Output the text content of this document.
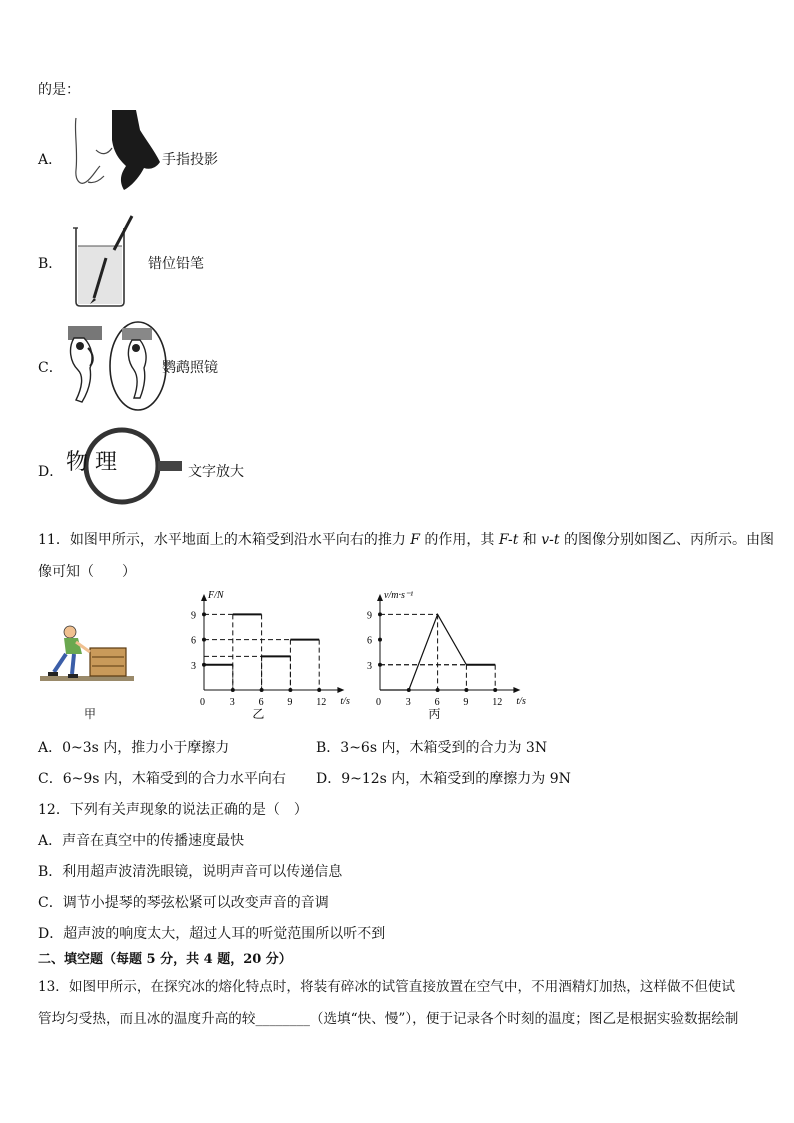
的是：
A．	手指投影
B．	错位铅笔
C．	鹦鹉照镜
D． 物 理	文字放大
11．如图甲所示，水平地面上的木箱受到沿水平向右的推力 F 的作用，其 F-t 和 v-t 的图像分别如图乙、丙所示。由图
像可知（　　）
甲
F/N
t/s
0 3 6 9 12
3
6
9
乙
v/m·s⁻¹
t/s
0 3 6 9 12
3
6
9
丙
A．0~3s 内，推力小于摩擦力	B．3~6s 内，木箱受到的合力为 3N
C．6~9s 内，木箱受到的合力水平向右 D．9~12s 内，木箱受到的摩擦力为 9N
12．下列有关声现象的说法正确的是（　）
A．声音在真空中的传播速度最快
B．利用超声波清洗眼镜，说明声音可以传递信息
C．调节小提琴的琴弦松紧可以改变声音的音调
D．超声波的响度太大，超过人耳的听觉范围所以听不到
二、填空题（每题 5 分，共 4 题，20 分）
13．如图甲所示，在探究冰的熔化特点时，将装有碎冰的试管直接放置在空气中，不用酒精灯加热，这样做不但使试
管均匀受热，而且冰的温度升高的较________（选填“快、慢”），便于记录各个时刻的温度；图乙是根据实验数据绘制
